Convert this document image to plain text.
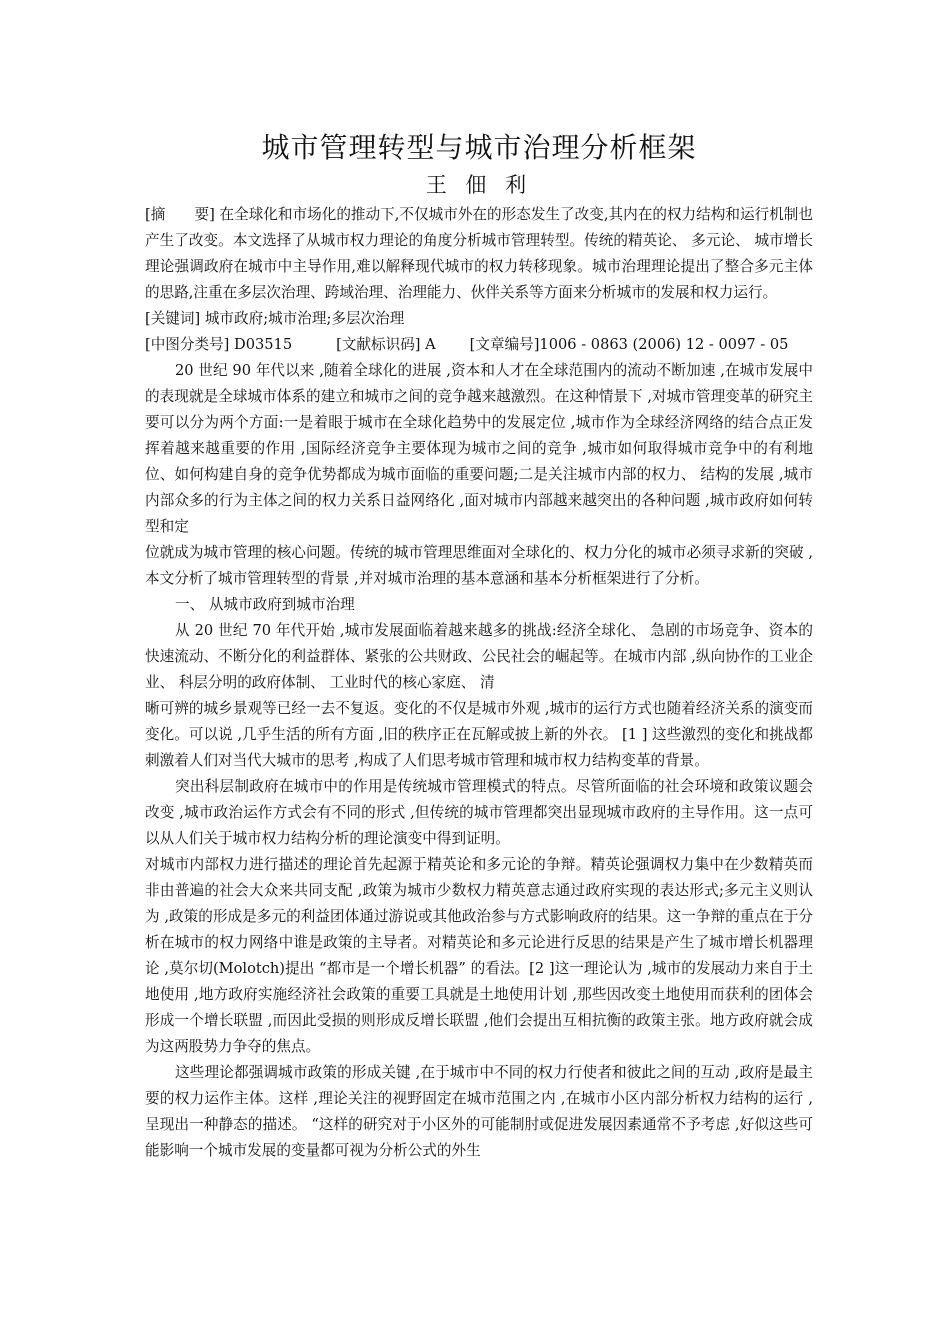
城市管理转型与城市治理分析框架
王 佃 利

[摘　　要] 在全球化和市场化的推动下,不仅城市外在的形态发生了改变,其内在的权力结构和运行机制也产生了改变。本文选择了从城市权力理论的角度分析城市管理转型。传统的精英论、 多元论、 城市增长理论强调政府在城市中主导作用,难以解释现代城市的权力转移现象。城市治理理论提出了整合多元主体的思路,注重在多层次治理、跨域治理、治理能力、伙伴关系等方面来分析城市的发展和权力运行。

[关键词] 城市政府;城市治理;多层次治理

[中图分类号] D03515	[文献标识码] A [文章编号]1006 - 0863 (2006) 12 - 0097 - 05

20 世纪 90 年代以来 ,随着全球化的进展 ,资本和人才在全球范围内的流动不断加速 ,在城市发展中的表现就是全球城市体系的建立和城市之间的竞争越来越激烈。在这种情景下 ,对城市管理变革的研究主要可以分为两个方面:一是着眼于城市在全球化趋势中的发展定位 ,城市作为全球经济网络的结合点正发挥着越来越重要的作用 ,国际经济竞争主要体现为城市之间的竞争 ,城市如何取得城市竞争中的有利地位、如何构建自身的竞争优势都成为城市面临的重要问题;二是关注城市内部的权力、 结构的发展 ,城市内部众多的行为主体之间的权力关系日益网络化 ,面对城市内部越来越突出的各种问题 ,城市政府如何转型和定

位就成为城市管理的核心问题。传统的城市管理思维面对全球化的、权力分化的城市必须寻求新的突破 ,本文分析了城市管理转型的背景 ,并对城市治理的基本意涵和基本分析框架进行了分析。

一、 从城市政府到城市治理

从 20 世纪 70 年代开始 ,城市发展面临着越来越多的挑战:经济全球化、 急剧的市场竞争、资本的快速流动、不断分化的利益群体、紧张的公共财政、公民社会的崛起等。在城市内部 ,纵向协作的工业企业、 科层分明的政府体制、 工业时代的核心家庭、 清

晰可辨的城乡景观等已经一去不复返。变化的不仅是城市外观 ,城市的运行方式也随着经济关系的演变而变化。可以说 ,几乎生活的所有方面 ,旧的秩序正在瓦解或披上新的外衣。 [1 ] 这些激烈的变化和挑战都刺激着人们对当代大城市的思考 ,构成了人们思考城市管理和城市权力结构变革的背景。

突出科层制政府在城市中的作用是传统城市管理模式的特点。尽管所面临的社会环境和政策议题会改变 ,城市政治运作方式会有不同的形式 ,但传统的城市管理都突出显现城市政府的主导作用。这一点可以从人们关于城市权力结构分析的理论演变中得到证明。

对城市内部权力进行描述的理论首先起源于精英论和多元论的争辩。精英论强调权力集中在少数精英而非由普遍的社会大众来共同支配 ,政策为城市少数权力精英意志通过政府实现的表达形式;多元主义则认为 ,政策的形成是多元的利益团体通过游说或其他政治参与方式影响政府的结果。这一争辩的重点在于分析在城市的权力网络中谁是政策的主导者。对精英论和多元论进行反思的结果是产生了城市增长机器理论 ,莫尔切(Molotch)提出 “都市是一个增长机器” 的看法。[2 ]这一理论认为 ,城市的发展动力来自于土地使用 ,地方政府实施经济社会政策的重要工具就是土地使用计划 ,那些因改变土地使用而获利的团体会形成一个增长联盟 ,而因此受损的则形成反增长联盟 ,他们会提出互相抗衡的政策主张。地方政府就会成为这两股势力争夺的焦点。

这些理论都强调城市政策的形成关键 ,在于城市中不同的权力行使者和彼此之间的互动 ,政府是最主要的权力运作主体。这样 ,理论关注的视野固定在城市范围之内 ,在城市小区内部分析权力结构的运行 ,呈现出一种静态的描述。 “这样的研究对于小区外的可能制肘或促进发展因素通常不予考虑 ,好似这些可能影响一个城市发展的变量都可视为分析公式的外生
